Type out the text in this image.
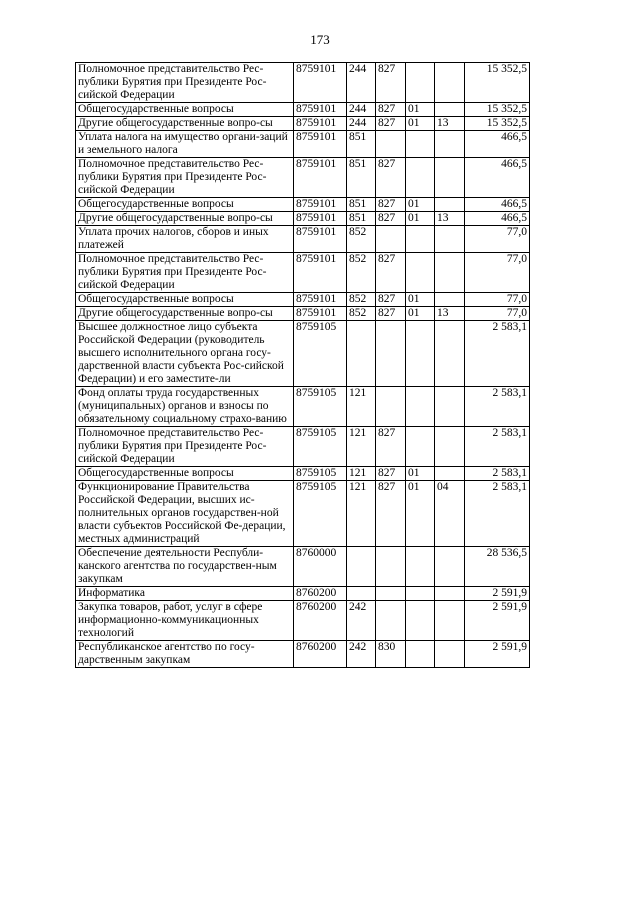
173
Полномочное представительство Рес-публики Бурятия при Президенте Рос-сийской Федерации	8759101	244	827			15 352,5
Общегосударственные вопросы	8759101	244	827	01		15 352,5
Другие общегосударственные вопро-сы	8759101	244	827	01	13	15 352,5
Уплата налога на имущество органи-заций и земельного налога	8759101	851				466,5
Полномочное представительство Рес-публики Бурятия при Президенте Рос-сийской Федерации	8759101	851	827			466,5
Общегосударственные вопросы	8759101	851	827	01		466,5
Другие общегосударственные вопро-сы	8759101	851	827	01	13	466,5
Уплата прочих налогов, сборов и иных платежей	8759101	852				77,0
Полномочное представительство Рес-публики Бурятия при Президенте Рос-сийской Федерации	8759101	852	827			77,0
Общегосударственные вопросы	8759101	852	827	01		77,0
Другие общегосударственные вопро-сы	8759101	852	827	01	13	77,0
Высшее должностное лицо субъекта Российской Федерации (руководитель высшего исполнительного органа госу-дарственной власти субъекта Рос-сийской Федерации) и его заместите-ли	8759105					2 583,1
Фонд оплаты труда государственных (муниципальных) органов и взносы по обязательному социальному страхо-ванию	8759105	121				2 583,1
Полномочное представительство Рес-публики Бурятия при Президенте Рос-сийской Федерации	8759105	121	827			2 583,1
Общегосударственные вопросы	8759105	121	827	01		2 583,1
Функционирование Правительства Российской Федерации, высших ис-полнительных органов государствен-ной власти субъектов Российской Фе-дерации, местных администраций	8759105	121	827	01	04	2 583,1
Обеспечение деятельности Республи-канского агентства по государствен-ным закупкам	8760000					28 536,5
Информатика	8760200					2 591,9
Закупка товаров, работ, услуг в сфере информационно-коммуникационных технологий	8760200	242				2 591,9
Республиканское агентство по госу-дарственным закупкам	8760200	242	830			2 591,9
